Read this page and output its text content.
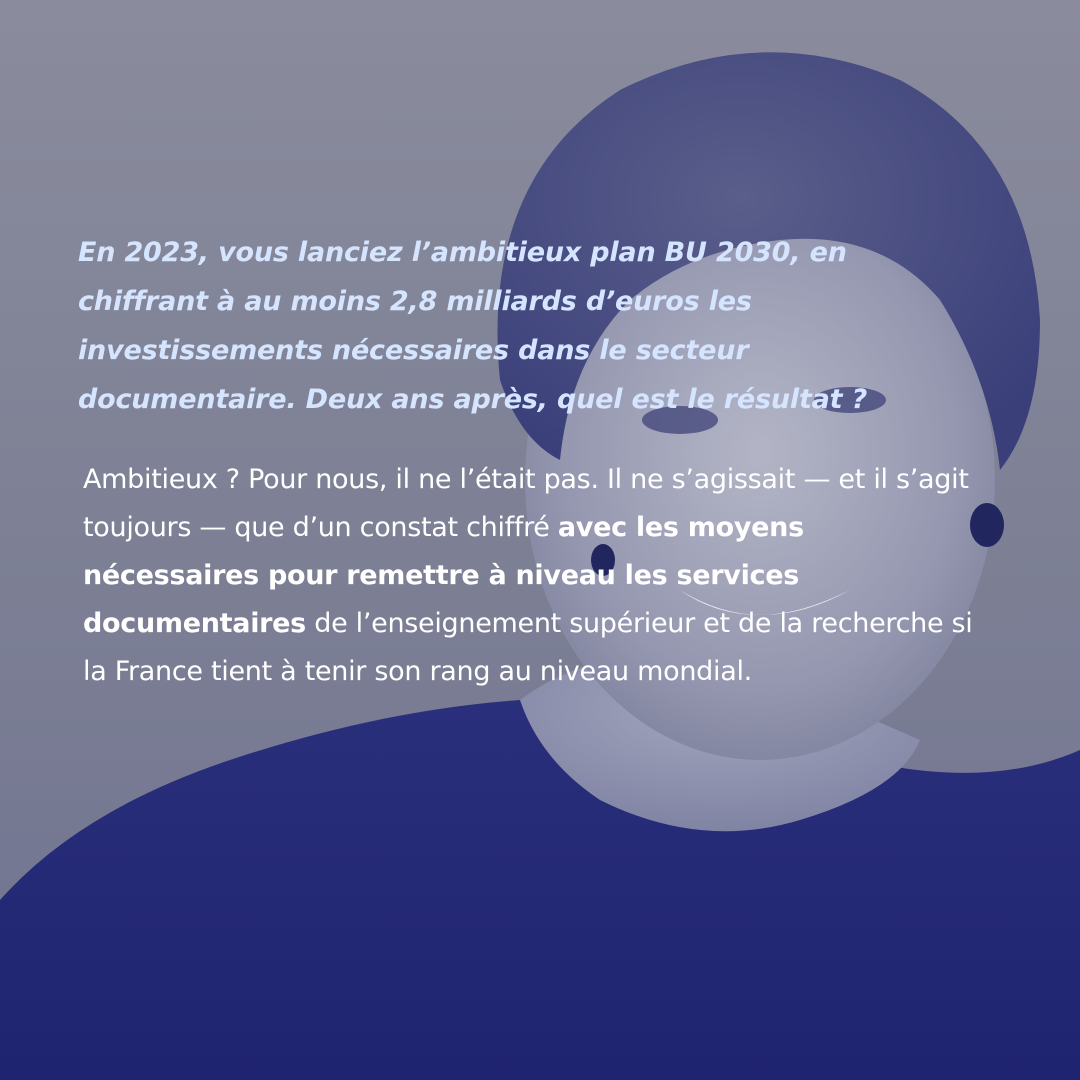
En 2023, vous lanciez l’ambitieux plan BU 2030, en chiffrant à au moins 2,8 milliards d’euros les investissements nécessaires dans le secteur documentaire. Deux ans après, quel est le résultat ?

Ambitieux ? Pour nous, il ne l’était pas. Il ne s’agissait — et il s’agit toujours — que d’un constat chiffré avec les moyens nécessaires pour remettre à niveau les services documentaires de l’enseignement supérieur et de la recherche si la France tient à tenir son rang au niveau mondial.
